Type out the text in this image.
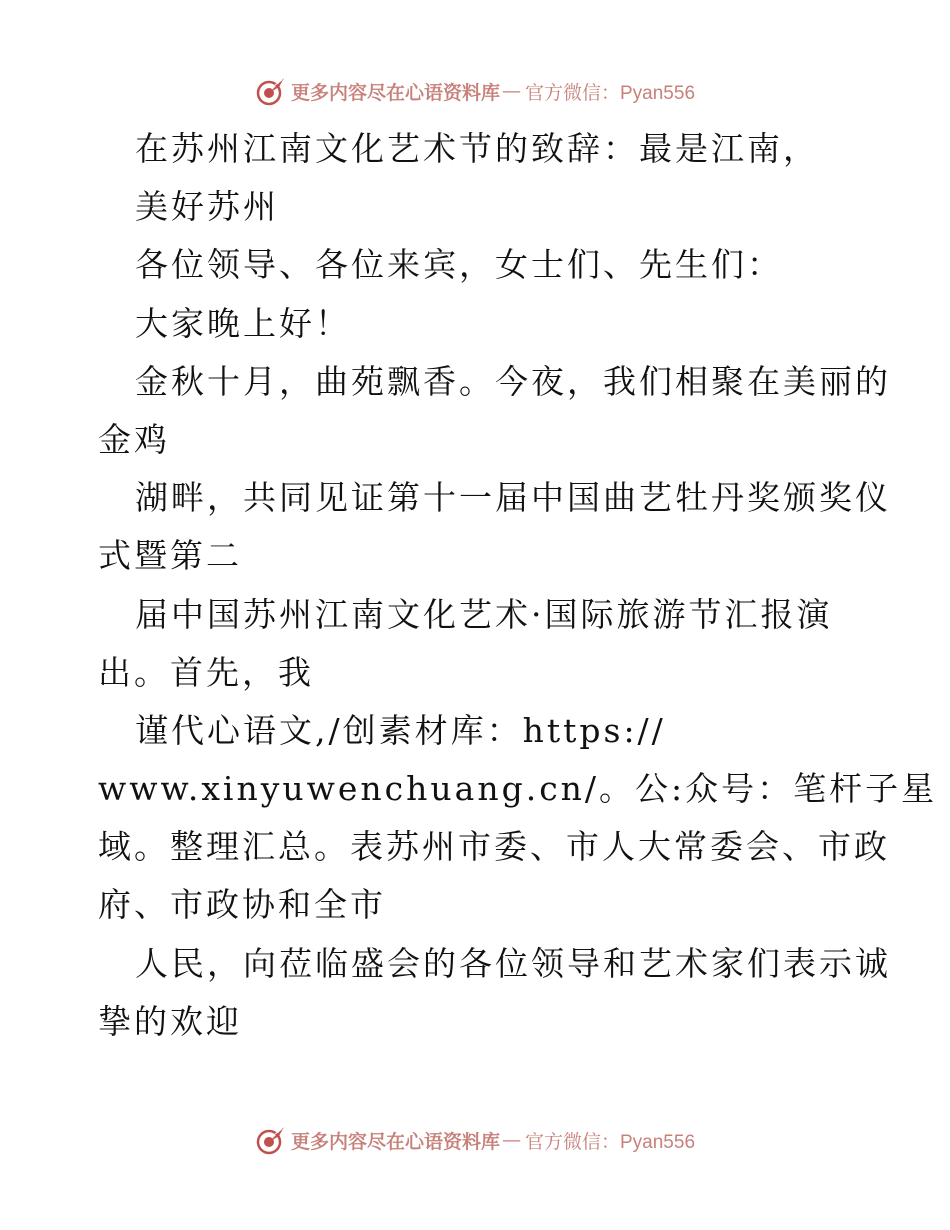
更多内容尽在心语资料库 — 官方微信：Pyan556
在苏州江南文化艺术节的致辞：最是江南，
美好苏州
各位领导、各位来宾，女士们、先生们：
大家晚上好！
金秋十月，曲苑飘香。今夜，我们相聚在美丽的
金鸡
湖畔，共同见证第十一届中国曲艺牡丹奖颁奖仪
式暨第二
届中国苏州江南文化艺术·国际旅游节汇报演
出。首先，我
谨代心语文,/创素材库：https://
www.xinyuwenchuang.cn/。公:众号：笔杆子星
域。整理汇总。表苏州市委、市人大常委会、市政
府、市政协和全市
人民，向莅临盛会的各位领导和艺术家们表示诚
挚的欢迎
更多内容尽在心语资料库 — 官方微信：Pyan556
